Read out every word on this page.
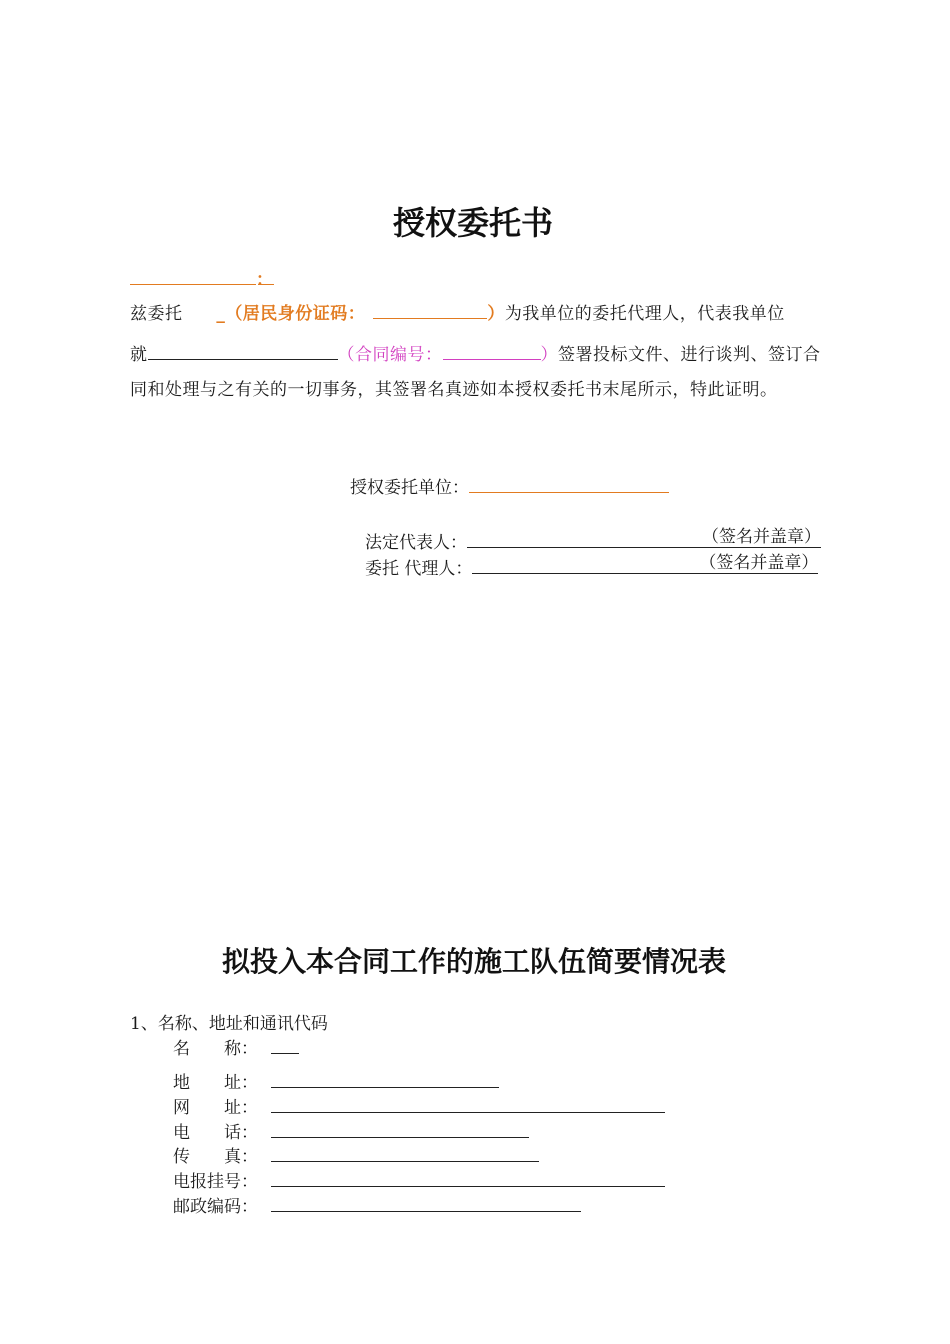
授权委托书
：
兹委托 _（居民身份证码：	）为我单位的委托代理人，代表我单位
就	（合同编号：	）签署投标文件、进行谈判、签订合
同和处理与之有关的一切事务，其签署名真迹如本授权委托书末尾所示，特此证明。
授权委托单位：
法定代表人：	（签名并盖章）
委托 代理人：	（签名并盖章）
拟投入本合同工作的施工队伍简要情况表
1、名称、地址和通讯代码
名　　称：
地　　址：
网　　址：
电　　话：
传　　真：
电报挂号：
邮政编码：
